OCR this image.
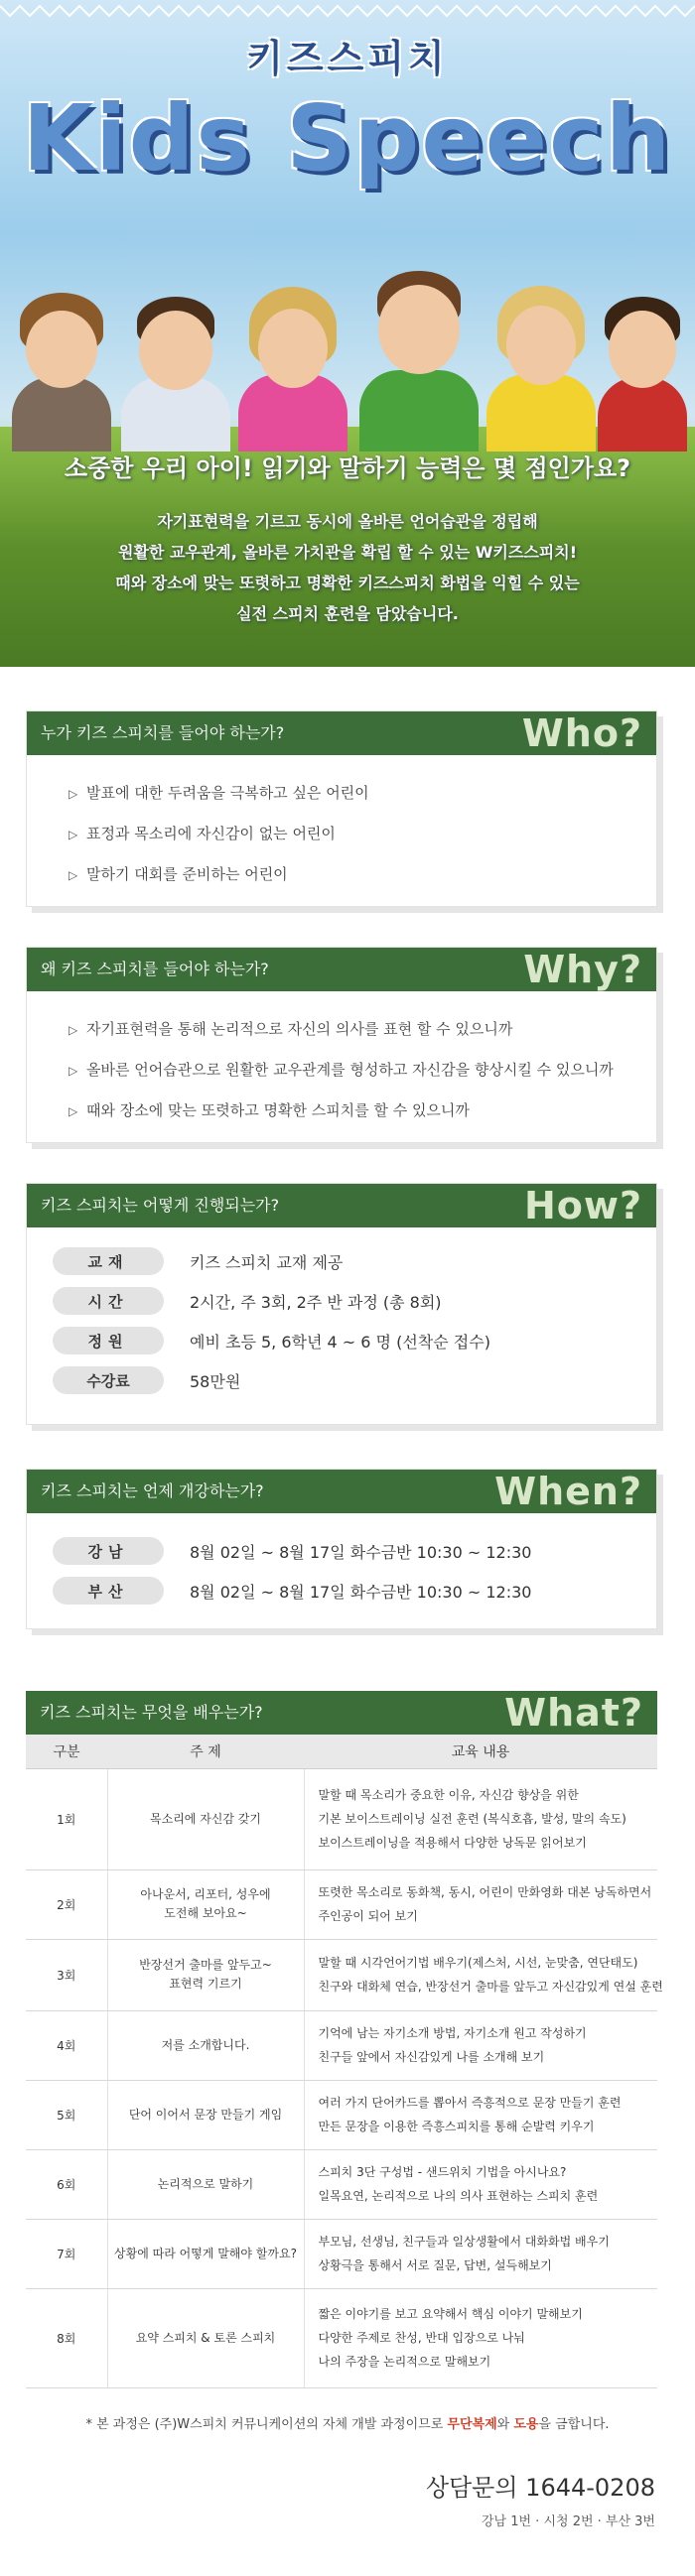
키즈스피치
Kids Speech
소중한 우리 아이! 읽기와 말하기 능력은 몇 점인가요?
자기표현력을 기르고 동시에 올바른 언어습관을 정립해
원활한 교우관계, 올바른 가치관을 확립 할 수 있는 W키즈스피치!
때와 장소에 맞는 또렷하고 명확한 키즈스피치 화법을 익힐 수 있는
실전 스피치 훈련을 담았습니다.
누가 키즈 스피치를 들어야 하는가?	Who?
▷ 발표에 대한 두려움을 극복하고 싶은 어린이
▷ 표정과 목소리에 자신감이 없는 어린이
▷ 말하기 대회를 준비하는 어린이
왜 키즈 스피치를 들어야 하는가?	Why?
▷ 자기표현력을 통해 논리적으로 자신의 의사를 표현 할 수 있으니까
▷ 올바른 언어습관으로 원활한 교우관계를 형성하고 자신감을 향상시킬 수 있으니까
▷ 때와 장소에 맞는 또렷하고 명확한 스피치를 할 수 있으니까
키즈 스피치는 어떻게 진행되는가?	How?
교재	키즈 스피치 교재 제공
시간	2시간, 주 3회, 2주 반 과정 (총 8회)
정원	예비 초등 5, 6학년 4 ~ 6 명 (선착순 접수)
수강료	58만원
키즈 스피치는 언제 개강하는가?	When?
강남	8월 02일 ~ 8월 17일 화수금반 10:30 ~ 12:30
부산	8월 02일 ~ 8월 17일 화수금반 10:30 ~ 12:30
키즈 스피치는 무엇을 배우는가?	What?
구분	주 제	교육 내용
1회	목소리에 자신감 갖기	말할 때 목소리가 중요한 이유, 자신감 향상을 위한
기본 보이스트레이닝 실전 훈련 (복식호흡, 발성, 말의 속도)
보이스트레이닝을 적용해서 다양한 낭독문 읽어보기

2회	아나운서, 리포터, 성우에
도전해 보아요~	또렷한 목소리로 동화책, 동시, 어린이 만화영화 대본 낭독하면서
주인공이 되어 보기

3회	반장선거 출마를 앞두고~
표현력 기르기	말할 때 시각언어기법 배우기(제스처, 시선, 눈맞춤, 연단태도)
친구와 대화체 연습, 반장선거 출마를 앞두고 자신감있게 연설 훈련

4회	저를 소개합니다.	기억에 남는 자기소개 방법, 자기소개 원고 작성하기
친구들 앞에서 자신감있게 나를 소개해 보기

5회	단어 이어서 문장 만들기 게임	여러 가지 단어카드를 뽑아서 즉흥적으로 문장 만들기 훈련
만든 문장을 이용한 즉흥스피치를 통해 순발력 키우기

6회	논리적으로 말하기	스피치 3단 구성법 - 샌드위치 기법을 아시나요?
일목요연, 논리적으로 나의 의사 표현하는 스피치 훈련

7회	상황에 따라 어떻게 말해야 할까요?	부모님, 선생님, 친구들과 일상생활에서 대화화법 배우기
상황극을 통해서 서로 질문, 답변, 설득해보기

8회	요약 스피치 & 토론 스피치	짧은 이야기를 보고 요약해서 핵심 이야기 말해보기
다양한 주제로 찬성, 반대 입장으로 나눠
나의 주장을 논리적으로 말해보기
* 본 과정은 (주)W스피치 커뮤니케이션의 자체 개발 과정이므로 무단복제와 도용을 금합니다.
상담문의 1644-0208
강남 1번 · 시청 2번 · 부산 3번
